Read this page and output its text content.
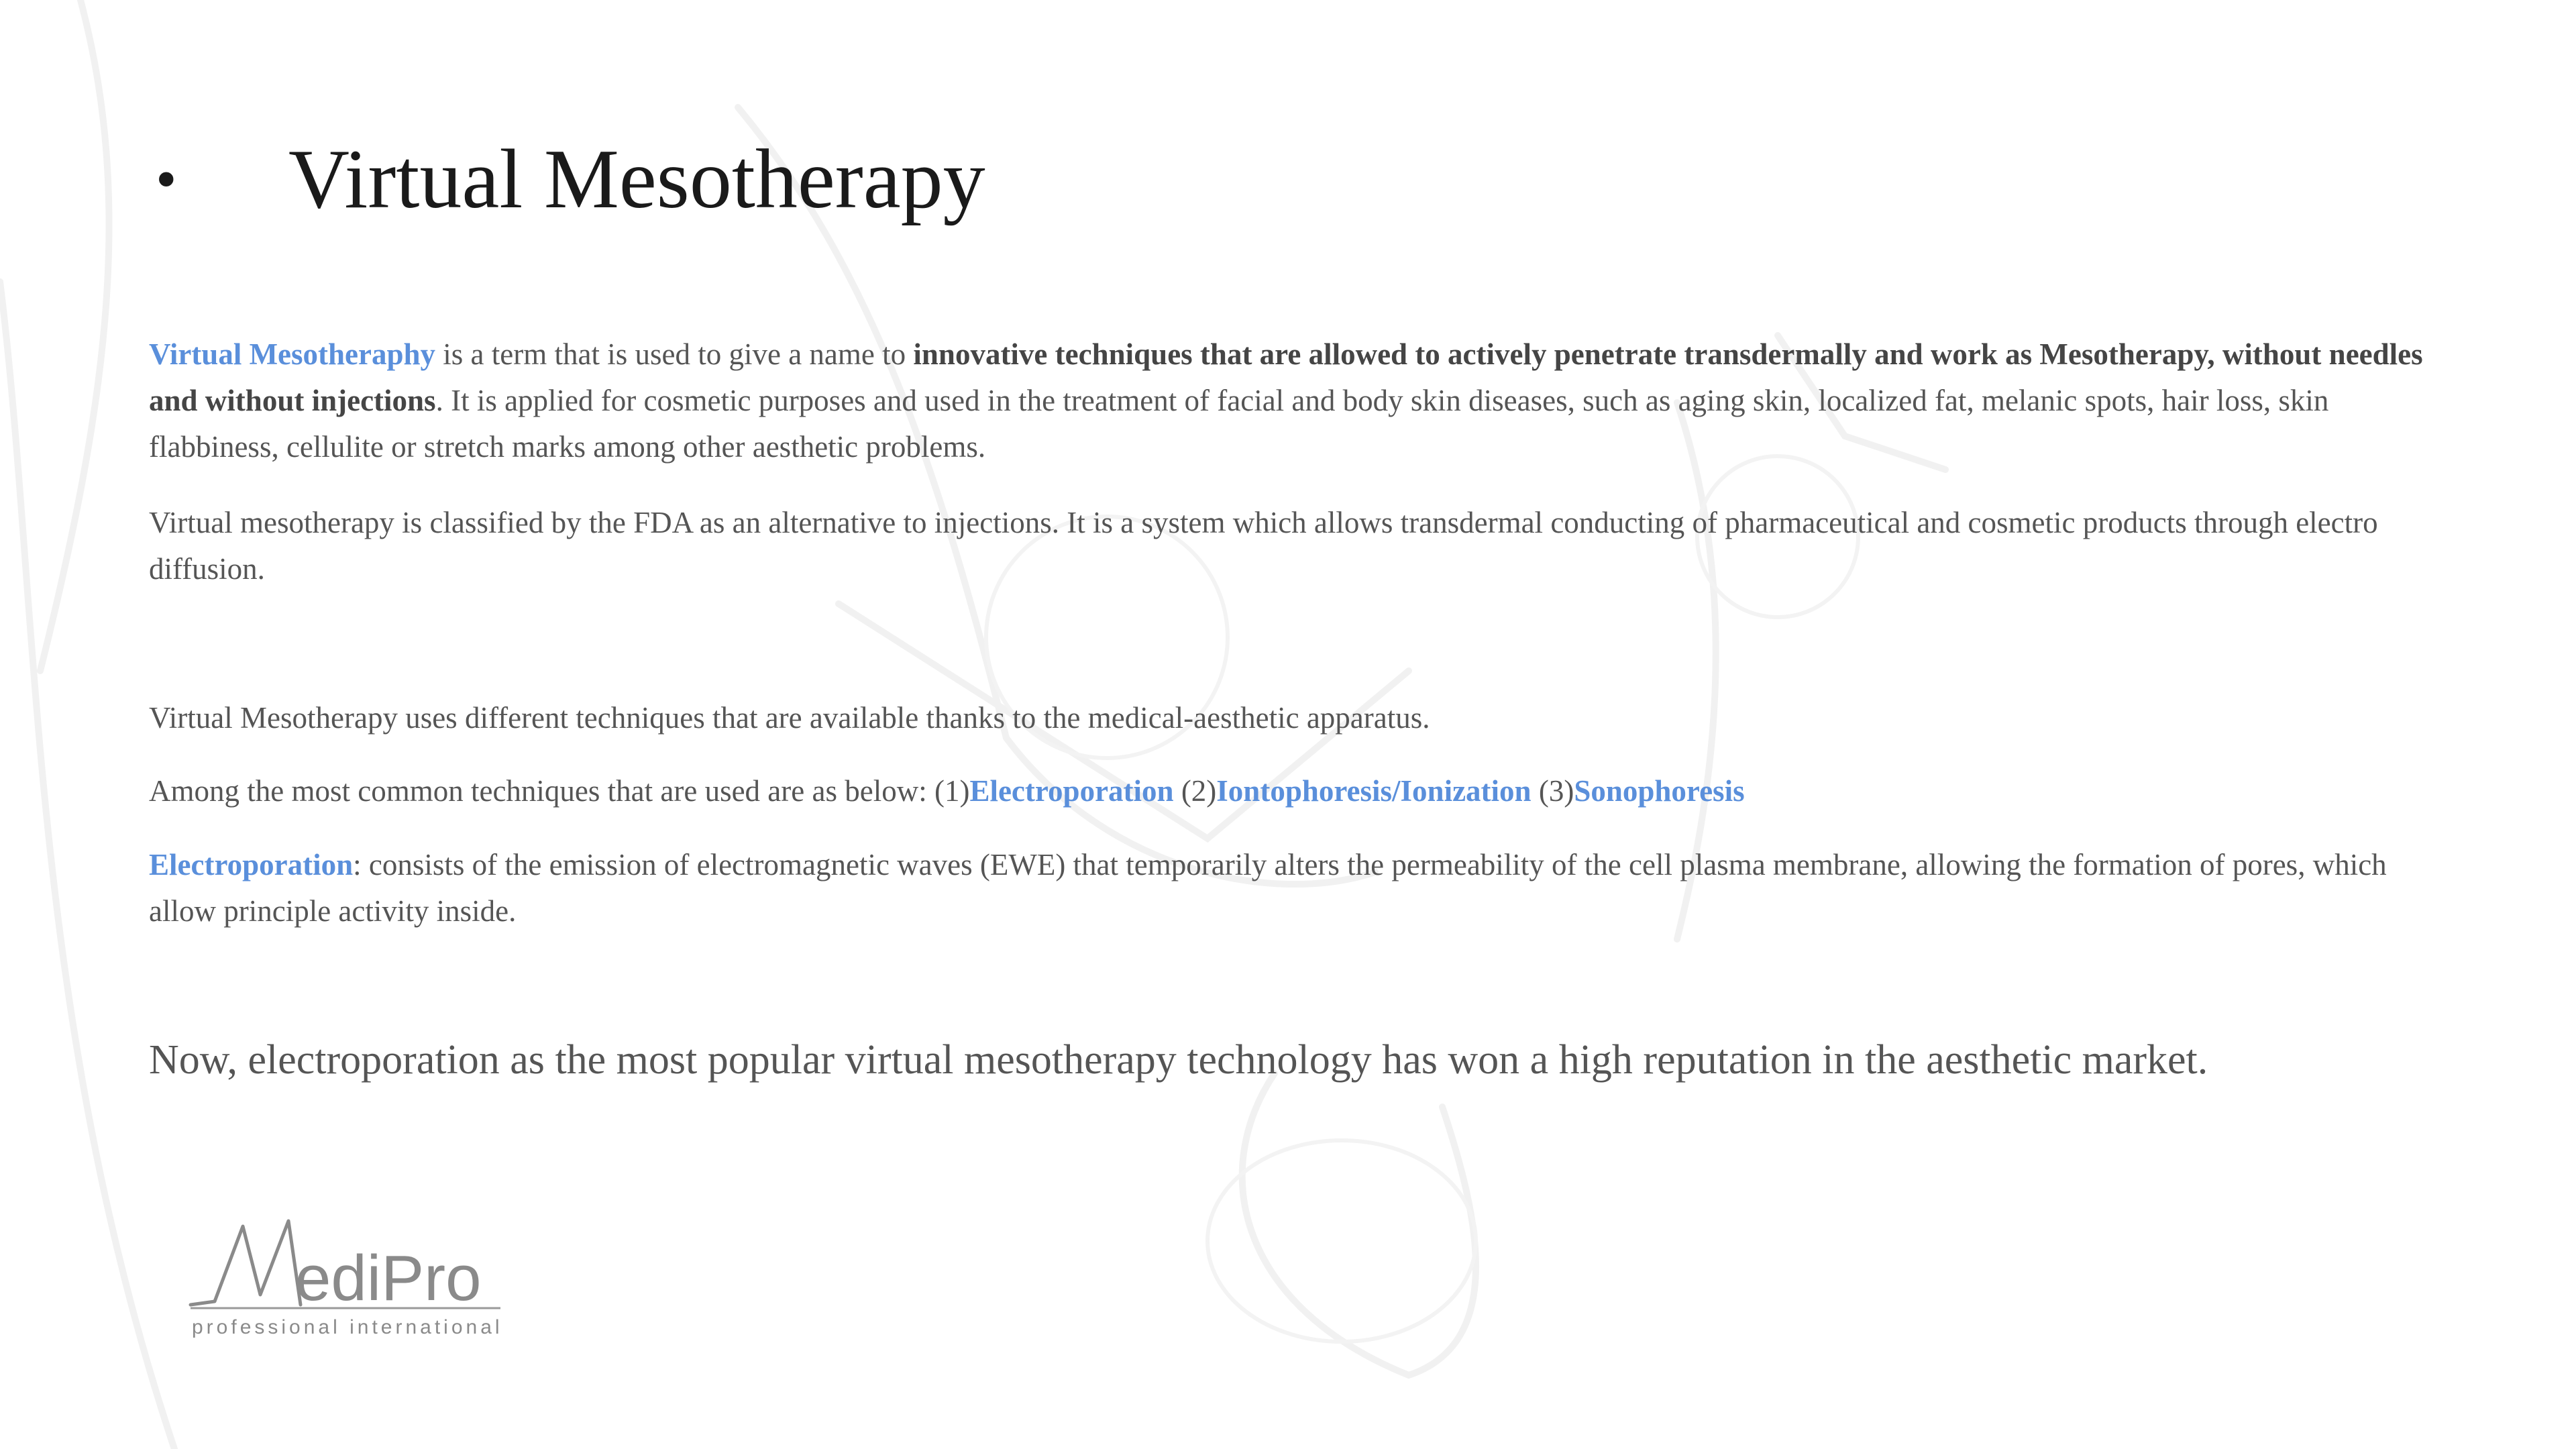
•	Virtual Mesotherapy

Virtual Mesotheraphy is a term that is used to give a name to innovative techniques that are allowed to actively penetrate transdermally and work as Mesotherapy, without needles and without injections. It is applied for cosmetic purposes and used in the treatment of facial and body skin diseases, such as aging skin, localized fat, melanic spots, hair loss, skin flabbiness, cellulite or stretch marks among other aesthetic problems.

Virtual mesotherapy is classified by the FDA as an alternative to injections. It is a system which allows transdermal conducting of pharmaceutical and cosmetic products through electro diffusion.

Virtual Mesotherapy uses different techniques that are available thanks to the medical-aesthetic apparatus.

Among the most common techniques that are used are as below: (1)Electroporation (2)Iontophoresis/Ionization (3)Sonophoresis

Electroporation: consists of the emission of electromagnetic waves (EWE) that temporarily alters the permeability of the cell plasma membrane, allowing the formation of pores, which allow principle activity inside.

Now, electroporation as the most popular virtual mesotherapy technology has won a high reputation in the aesthetic market.

ediPro
professional international
